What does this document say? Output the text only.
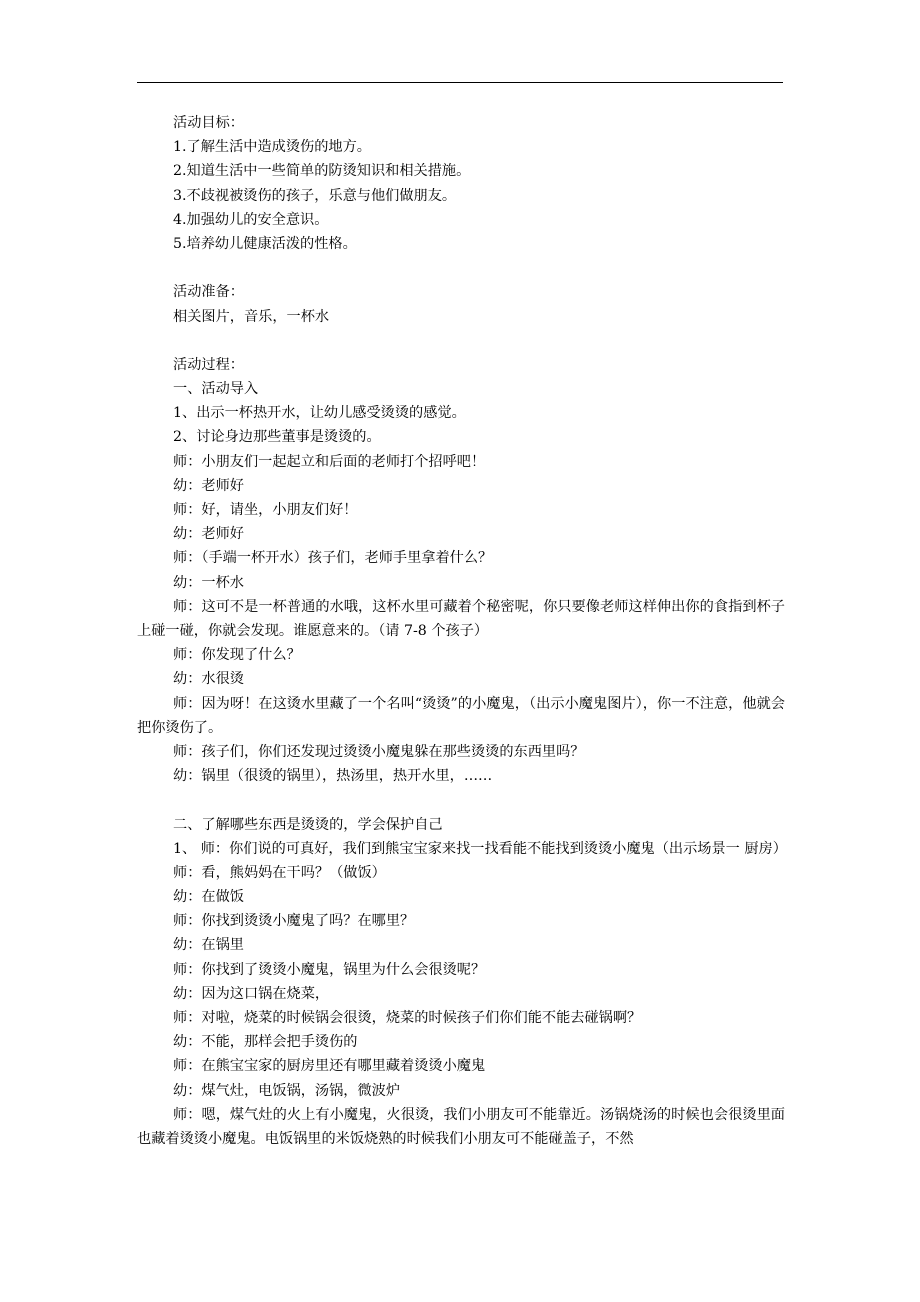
活动目标：
1.了解生活中造成烫伤的地方。
2.知道生活中一些简单的防烫知识和相关措施。
3.不歧视被烫伤的孩子，乐意与他们做朋友。
4.加强幼儿的安全意识。
5.培养幼儿健康活泼的性格。
活动准备：
相关图片，音乐，一杯水
活动过程：
一、活动导入
1、出示一杯热开水，让幼儿感受烫烫的感觉。
2、讨论身边那些董事是烫烫的。
师：小朋友们一起起立和后面的老师打个招呼吧！
幼：老师好
师：好，请坐，小朋友们好！
幼：老师好
师：（手端一杯开水）孩子们，老师手里拿着什么？
幼：一杯水
师：这可不是一杯普通的水哦，这杯水里可藏着个秘密呢，你只要像老师这样伸出你的食指到杯子上碰一碰，你就会发现。谁愿意来的。（请 7-8 个孩子）
师：你发现了什么？
幼：水很烫
师：因为呀！在这烫水里藏了一个名叫“烫烫”的小魔鬼，（出示小魔鬼图片），你一不注意，他就会把你烫伤了。
师：孩子们，你们还发现过烫烫小魔鬼躲在那些烫烫的东西里吗？
幼：锅里（很烫的锅里），热汤里，热开水里，……
二、了解哪些东西是烫烫的，学会保护自己
1、 师：你们说的可真好，我们到熊宝宝家来找一找看能不能找到烫烫小魔鬼（出示场景一 厨房）
师：看，熊妈妈在干吗？（做饭）
幼：在做饭
师：你找到烫烫小魔鬼了吗？在哪里？
幼：在锅里
师：你找到了烫烫小魔鬼，锅里为什么会很烫呢？
幼：因为这口锅在烧菜，
师：对啦，烧菜的时候锅会很烫，烧菜的时候孩子们你们能不能去碰锅啊？
幼：不能，那样会把手烫伤的
师：在熊宝宝家的厨房里还有哪里藏着烫烫小魔鬼
幼：煤气灶，电饭锅，汤锅，微波炉
师：嗯，煤气灶的火上有小魔鬼，火很烫，我们小朋友可不能靠近。汤锅烧汤的时候也会很烫里面也藏着烫烫小魔鬼。电饭锅里的米饭烧熟的时候我们小朋友可不能碰盖子，不然
